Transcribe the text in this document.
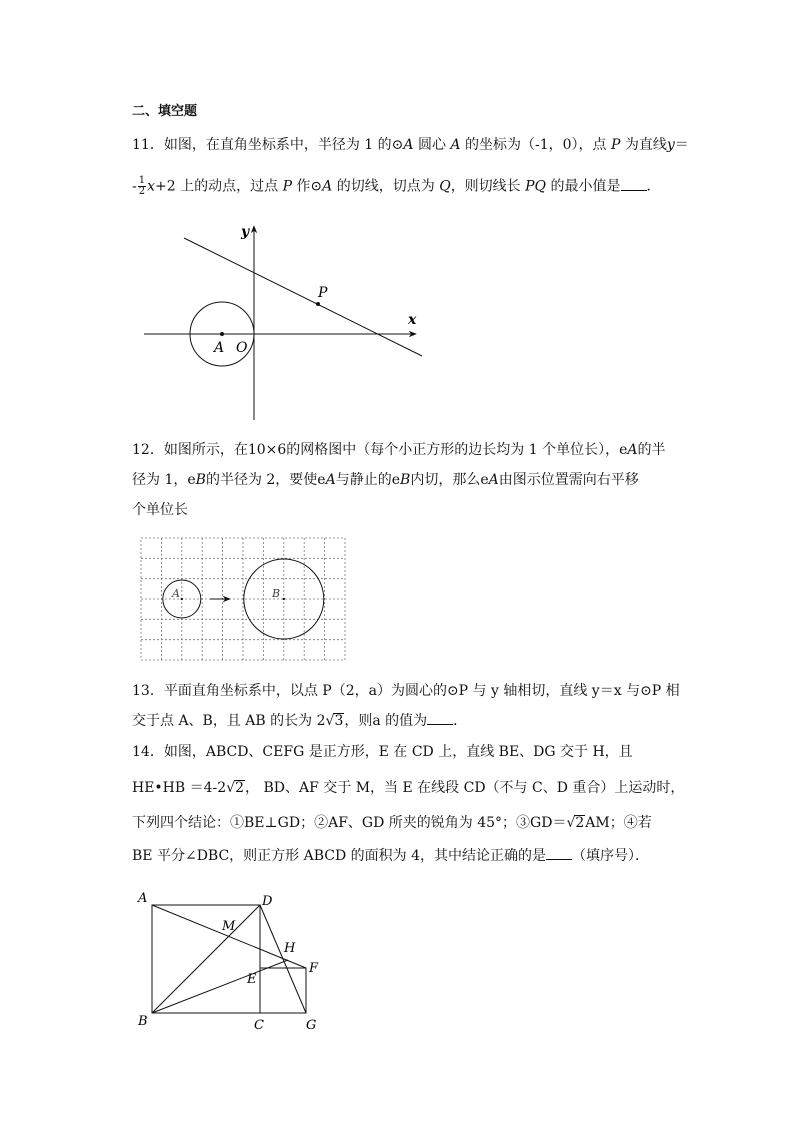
二、填空题
11．如图，在直角坐标系中，半径为 1 的⊙A 圆心 A 的坐标为（-1，0），点 P 为直线y＝
- $\frac{1}{2} x+2$ 上的动点，过点 P 作⊙A 的切线，切点为 Q，则切线长 PQ 的最小值是 ．
y
x
P
A O
12．如图所示，在10×6的网格图中（每个小正方形的边长均为 1 个单位长），eA的半
径为 1，eB的半径为 2，要使eA与静止的eB内切，那么eA由图示位置需向右平移
个单位长
A	B
13．平面直角坐标系中，以点 P（2，a）为圆心的⊙P 与 y 轴相切，直线 y＝x 与⊙P 相
交于点 A、B，且 AB 的长为 2√3，则a 的值为 ．
14．如图，ABCD、CEFG 是正方形，E 在 CD 上，直线 BE、DG 交于 H，且
HE•HB ＝4-2√2， BD、AF 交于 M，当 E 在线段 CD（不与 C、D 重合）上运动时，
下列四个结论：①BE⊥GD；②AF、GD 所夹的锐角为 45°；③GD＝√2AM；④若
BE 平分∠DBC，则正方形 ABCD 的面积为 4，其中结论正确的是 （填序号）．
A	D
M
H
E
F
B	C	G
